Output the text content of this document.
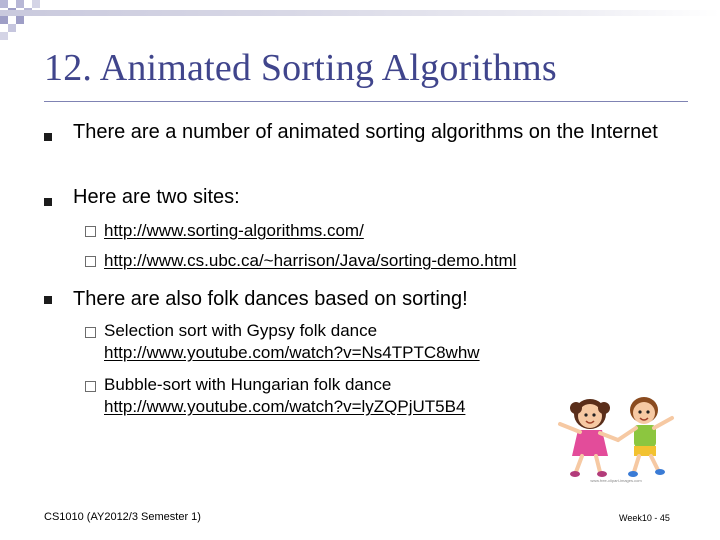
12. Animated Sorting Algorithms
There are a number of animated sorting algorithms on the Internet
Here are two sites:
http://www.sorting-algorithms.com/
http://www.cs.ubc.ca/~harrison/Java/sorting-demo.html
There are also folk dances based on sorting!
Selection sort with Gypsy folk dance
http://www.youtube.com/watch?v=Ns4TPTC8whw
Bubble-sort with Hungarian folk dance
http://www.youtube.com/watch?v=lyZQPjUT5B4
www.free-clipart-images.com
CS1010 (AY2012/3 Semester 1)	Week10 - 45
